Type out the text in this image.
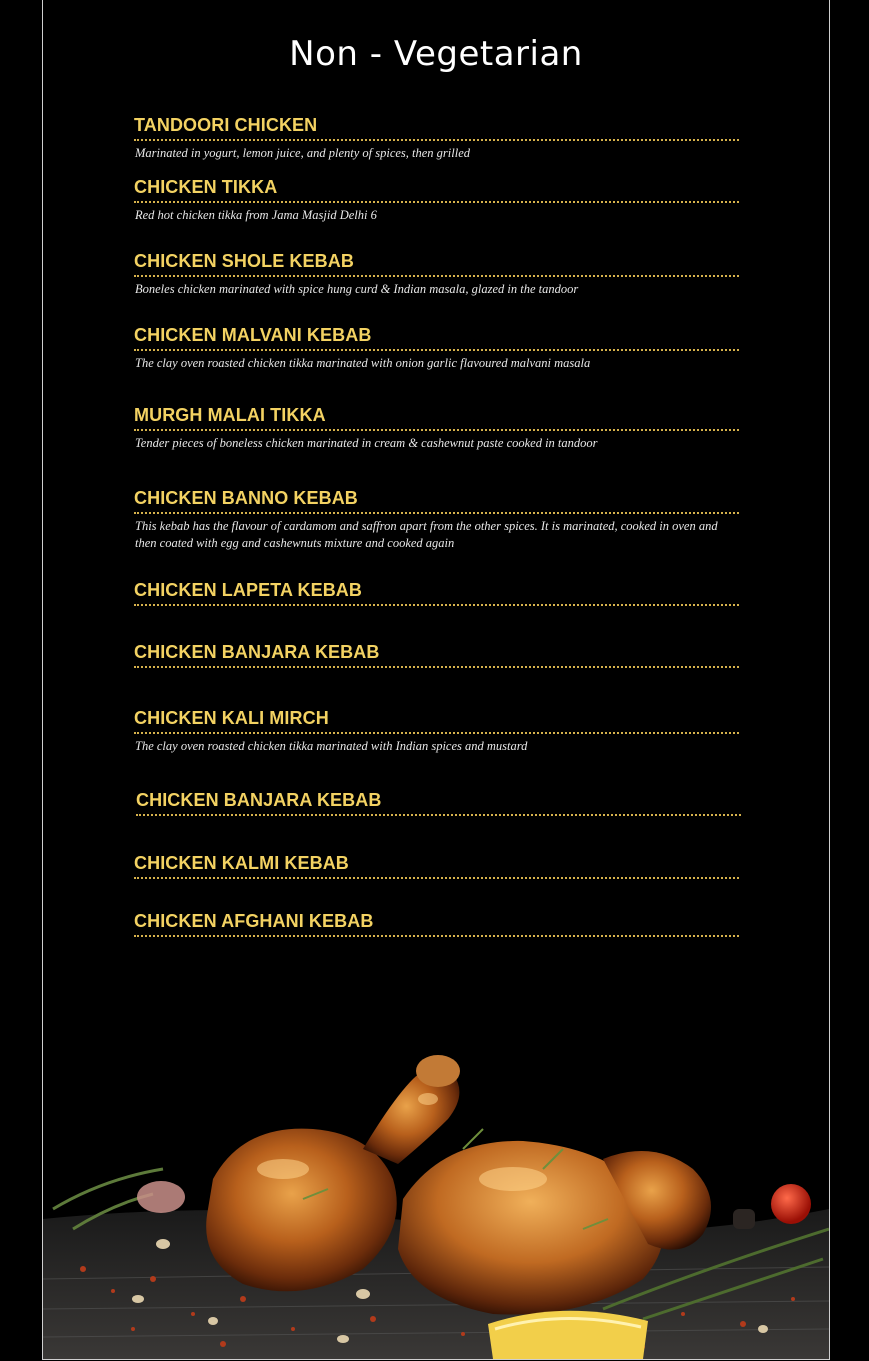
Non - Vegetarian
TANDOORI CHICKEN
Marinated in yogurt, lemon juice, and plenty of spices, then grilled
CHICKEN TIKKA
Red hot chicken tikka from Jama Masjid Delhi 6
CHICKEN SHOLE KEBAB
Boneles chicken marinated with spice hung curd & Indian masala, glazed in the tandoor
CHICKEN MALVANI KEBAB
The clay oven roasted chicken tikka marinated with onion garlic flavoured malvani masala
MURGH MALAI TIKKA
Tender pieces of boneless chicken marinated in cream & cashewnut paste cooked in tandoor
CHICKEN BANNO KEBAB
This kebab has the flavour of cardamom and saffron apart from the other spices. It is marinated, cooked in oven and then coated with egg and cashewnuts mixture and cooked again
CHICKEN LAPETA KEBAB
CHICKEN BANJARA KEBAB
CHICKEN KALI MIRCH
The clay oven roasted chicken tikka marinated with Indian spices and mustard
CHICKEN BANJARA KEBAB
CHICKEN KALMI KEBAB
CHICKEN AFGHANI KEBAB
